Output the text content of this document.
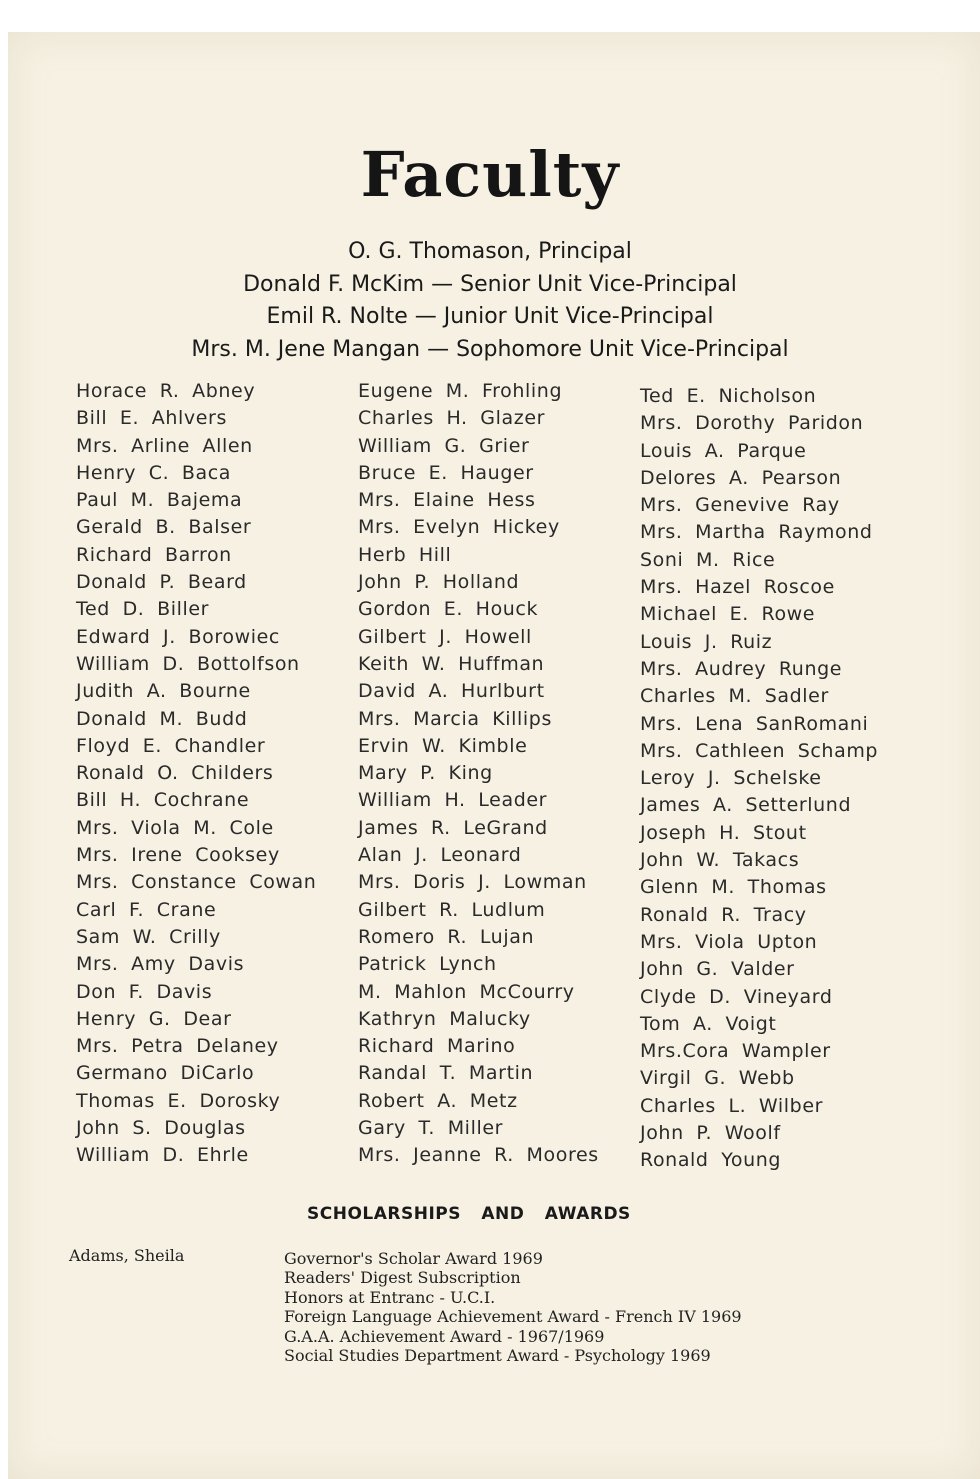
Faculty
O. G. Thomason, Principal
Donald F. McKim — Senior Unit Vice-Principal
Emil R. Nolte — Junior Unit Vice-Principal
Mrs. M. Jene Mangan — Sophomore Unit Vice-Principal
Horace R. Abney
Bill E. Ahlvers
Mrs. Arline Allen
Henry C. Baca
Paul M. Bajema
Gerald B. Balser
Richard Barron
Donald P. Beard
Ted D. Biller
Edward J. Borowiec
William D. Bottolfson
Judith A. Bourne
Donald M. Budd
Floyd E. Chandler
Ronald O. Childers
Bill H. Cochrane
Mrs. Viola M. Cole
Mrs. Irene Cooksey
Mrs. Constance Cowan
Carl F. Crane
Sam W. Crilly
Mrs. Amy Davis
Don F. Davis
Henry G. Dear
Mrs. Petra Delaney
Germano DiCarlo
Thomas E. Dorosky
John S. Douglas
William D. Ehrle
Eugene M. Frohling
Charles H. Glazer
William G. Grier
Bruce E. Hauger
Mrs. Elaine Hess
Mrs. Evelyn Hickey
Herb Hill
John P. Holland
Gordon E. Houck
Gilbert J. Howell
Keith W. Huffman
David A. Hurlburt
Mrs. Marcia Killips
Ervin W. Kimble
Mary P. King
William H. Leader
James R. LeGrand
Alan J. Leonard
Mrs. Doris J. Lowman
Gilbert R. Ludlum
Romero R. Lujan
Patrick Lynch
M. Mahlon McCourry
Kathryn Malucky
Richard Marino
Randal T. Martin
Robert A. Metz
Gary T. Miller
Mrs. Jeanne R. Moores
Ted E. Nicholson
Mrs. Dorothy Paridon
Louis A. Parque
Delores A. Pearson
Mrs. Genevive Ray
Mrs. Martha Raymond
Soni M. Rice
Mrs. Hazel Roscoe
Michael E. Rowe
Louis J. Ruiz
Mrs. Audrey Runge
Charles M. Sadler
Mrs. Lena SanRomani
Mrs. Cathleen Schamp
Leroy J. Schelske
James A. Setterlund
Joseph H. Stout
John W. Takacs
Glenn M. Thomas
Ronald R. Tracy
Mrs. Viola Upton
John G. Valder
Clyde D. Vineyard
Tom A. Voigt
Mrs.Cora Wampler
Virgil G. Webb
Charles L. Wilber
John P. Woolf
Ronald Young
SCHOLARSHIPS AND AWARDS
Adams, Sheila	Governor's Scholar Award 1969
Readers' Digest Subscription
Honors at Entranc - U.C.I.
Foreign Language Achievement Award - French IV 1969
G.A.A. Achievement Award - 1967/1969
Social Studies Department Award - Psychology 1969
